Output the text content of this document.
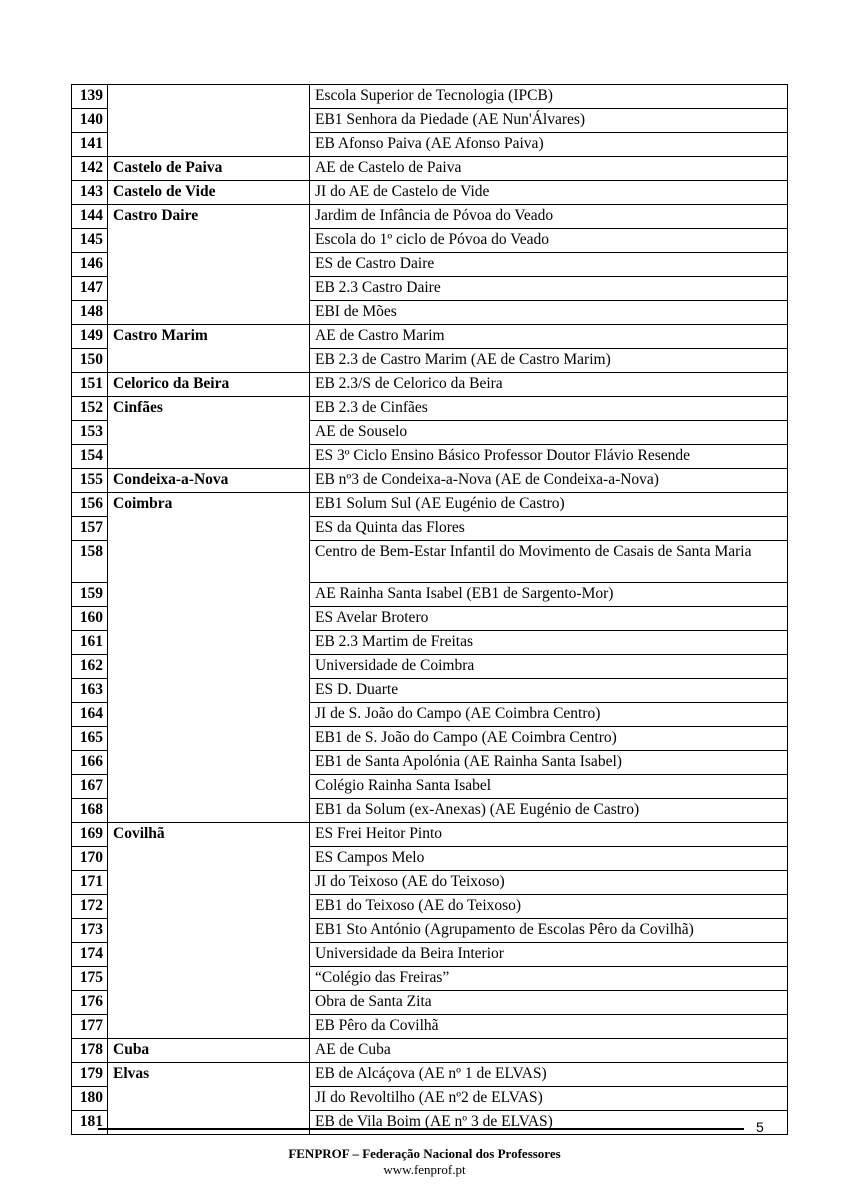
139		Escola Superior de Tecnologia (IPCB)
140		EB1 Senhora da Piedade (AE Nun'Álvares)
141		EB Afonso Paiva (AE Afonso Paiva)
142	Castelo de Paiva	AE de Castelo de Paiva
143	Castelo de Vide	JI do AE de Castelo de Vide
144	Castro Daire	Jardim de Infância de Póvoa do Veado
145		Escola do 1º ciclo de Póvoa do Veado
146		ES de Castro Daire
147		EB 2.3 Castro Daire
148		EBI de Mões
149	Castro Marim	AE de Castro Marim
150		EB 2.3 de Castro Marim (AE de Castro Marim)
151	Celorico da Beira	EB 2.3/S de Celorico da Beira
152	Cinfães	EB 2.3 de Cinfães
153		AE de Souselo
154		ES 3º Ciclo Ensino Básico Professor Doutor Flávio Resende
155	Condeixa-a-Nova	EB nº3 de Condeixa-a-Nova (AE de Condeixa-a-Nova)
156	Coimbra	EB1 Solum Sul (AE Eugénio de Castro)
157		ES da Quinta das Flores
158		Centro de Bem-Estar Infantil do Movimento de Casais de Santa Maria
159		AE Rainha Santa Isabel (EB1 de Sargento-Mor)
160		ES Avelar Brotero
161		EB 2.3 Martim de Freitas
162		Universidade de Coimbra
163		ES D. Duarte
164		JI de S. João do Campo (AE Coimbra Centro)
165		EB1 de S. João do Campo (AE Coimbra Centro)
166		EB1 de Santa Apolónia (AE Rainha Santa Isabel)
167		Colégio Rainha Santa Isabel
168		EB1 da Solum (ex-Anexas) (AE Eugénio de Castro)
169	Covilhã	ES Frei Heitor Pinto
170		ES Campos Melo
171		JI do Teixoso (AE do Teixoso)
172		EB1 do Teixoso (AE do Teixoso)
173		EB1 Sto António (Agrupamento de Escolas Pêro da Covilhã)
174		Universidade da Beira Interior
175		“Colégio das Freiras”
176		Obra de Santa Zita
177		EB Pêro da Covilhã
178	Cuba	AE de Cuba
179	Elvas	EB de Alcáçova (AE nº 1 de ELVAS)
180		JI do Revoltilho (AE nº2 de ELVAS)
181		EB de Vila Boim (AE nº 3 de ELVAS)	5
FENPROF – Federação Nacional dos Professores
www.fenprof.pt
